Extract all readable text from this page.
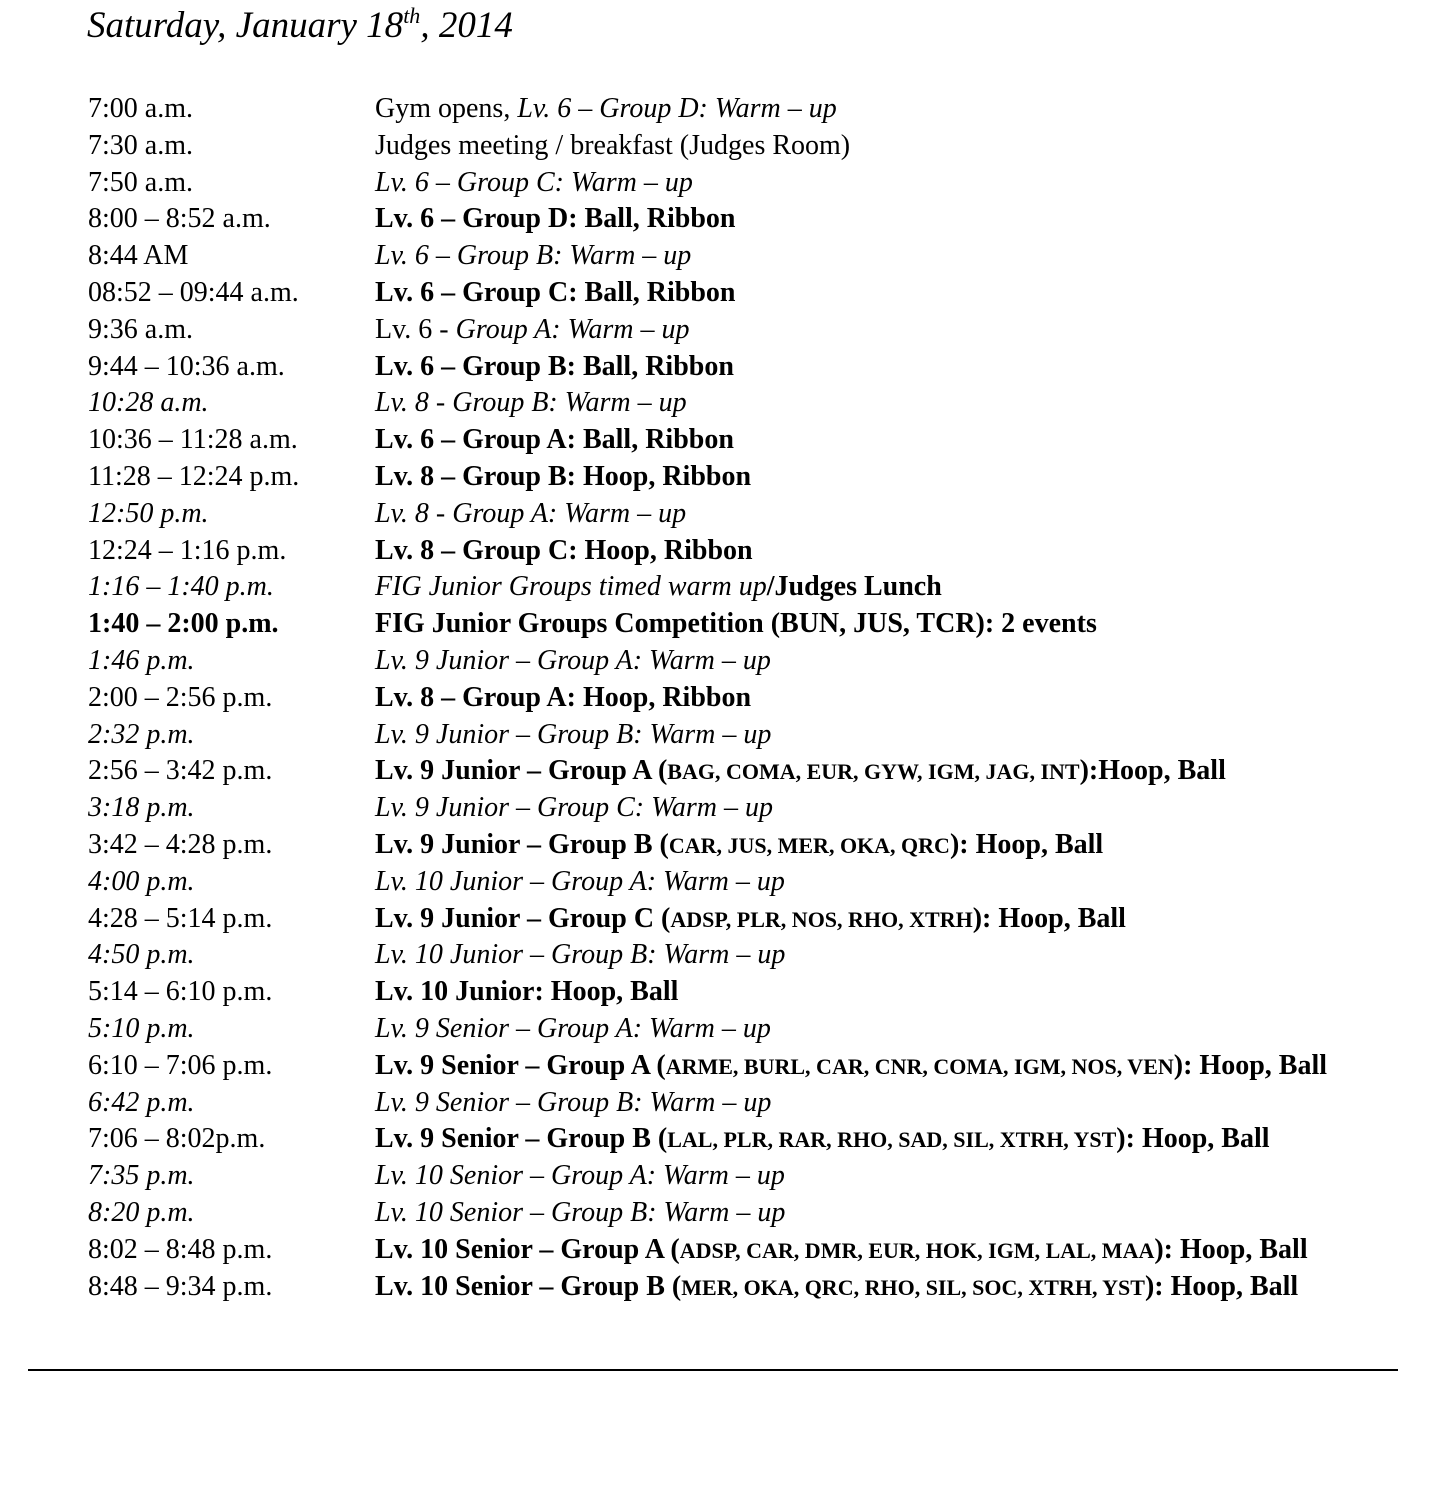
Saturday, January 18th, 2014
7:00 a.m.	Gym opens, Lv. 6 – Group D: Warm – up
7:30 a.m.	Judges meeting / breakfast (Judges Room)
7:50 a.m.	Lv. 6 – Group C: Warm – up
8:00 – 8:52 a.m.	Lv. 6 – Group D: Ball, Ribbon
8:44 AM	Lv. 6 – Group B: Warm – up
08:52 – 09:44 a.m.	Lv. 6 – Group C: Ball, Ribbon
9:36 a.m.	Lv. 6 - Group A: Warm – up
9:44 – 10:36 a.m.	Lv. 6 – Group B: Ball, Ribbon
10:28 a.m.	Lv. 8 - Group B: Warm – up
10:36 – 11:28 a.m.	Lv. 6 – Group A: Ball, Ribbon
11:28 – 12:24 p.m.	Lv. 8 – Group B: Hoop, Ribbon
12:50 p.m.	Lv. 8 - Group A: Warm – up
12:24 – 1:16 p.m.	Lv. 8 – Group C: Hoop, Ribbon
1:16 – 1:40 p.m.	FIG Junior Groups timed warm up/Judges Lunch
1:40 – 2:00 p.m.	FIG Junior Groups Competition (BUN, JUS, TCR): 2 events
1:46 p.m.	Lv. 9 Junior – Group A: Warm – up
2:00 – 2:56 p.m.	Lv. 8 – Group A: Hoop, Ribbon
2:32 p.m.	Lv. 9 Junior – Group B: Warm – up
2:56 – 3:42 p.m.	Lv. 9 Junior – Group A (BAG, COMA, EUR, GYW, IGM, JAG, INT):Hoop, Ball
3:18 p.m.	Lv. 9 Junior – Group C: Warm – up
3:42 – 4:28 p.m.	Lv. 9 Junior – Group B (CAR, JUS, MER, OKA, QRC): Hoop, Ball
4:00 p.m.	Lv. 10 Junior – Group A: Warm – up
4:28 – 5:14 p.m.	Lv. 9 Junior – Group C (ADSP, PLR, NOS, RHO, XTRH): Hoop, Ball
4:50 p.m.	Lv. 10 Junior – Group B: Warm – up
5:14 – 6:10 p.m.	Lv. 10 Junior: Hoop, Ball
5:10 p.m.	Lv. 9 Senior – Group A: Warm – up
6:10 – 7:06 p.m.	Lv. 9 Senior – Group A (ARME, BURL, CAR, CNR, COMA, IGM, NOS, VEN): Hoop, Ball
6:42 p.m.	Lv. 9 Senior – Group B: Warm – up
7:06 – 8:02p.m.	Lv. 9 Senior – Group B (LAL, PLR, RAR, RHO, SAD, SIL, XTRH, YST): Hoop, Ball
7:35 p.m.	Lv. 10 Senior – Group A: Warm – up
8:20 p.m.	Lv. 10 Senior – Group B: Warm – up
8:02 – 8:48 p.m.	Lv. 10 Senior – Group A (ADSP, CAR, DMR, EUR, HOK, IGM, LAL, MAA): Hoop, Ball
8:48 – 9:34 p.m.	Lv. 10 Senior – Group B (MER, OKA, QRC, RHO, SIL, SOC, XTRH, YST): Hoop, Ball
